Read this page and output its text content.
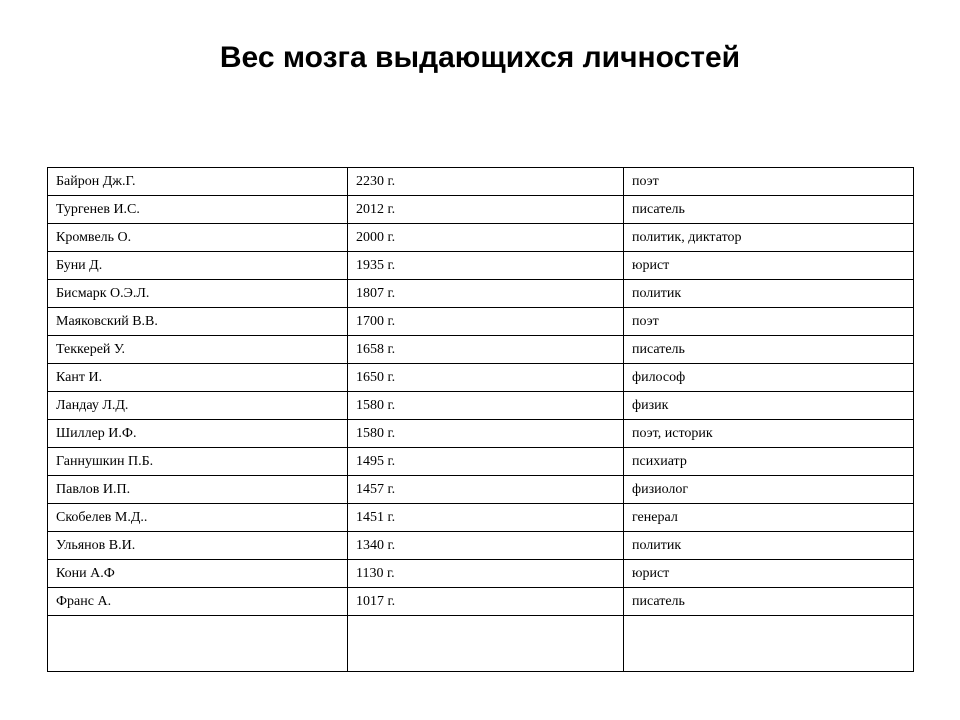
Вес мозга выдающихся личностей
Байрон Дж.Г.	2230 г.	поэт
Тургенев И.С.	2012 г.	писатель
Кромвель О.	2000 г.	политик, диктатор
Буни Д.	1935 г.	юрист
Бисмарк О.Э.Л.	1807 г.	политик
Маяковский В.В.	1700 г.	поэт
Теккерей У.	1658 г.	писатель
Кант И.	1650 г.	философ
Ландау Л.Д.	1580 г.	физик
Шиллер И.Ф.	1580 г.	поэт, историк
Ганнушкин П.Б.	1495 г.	психиатр
Павлов И.П.	1457 г.	физиолог
Скобелев М.Д..	1451 г.	генерал
Ульянов В.И.	1340 г.	политик
Кони А.Ф	1130 г.	юрист
Франс А.	1017 г.	писатель
